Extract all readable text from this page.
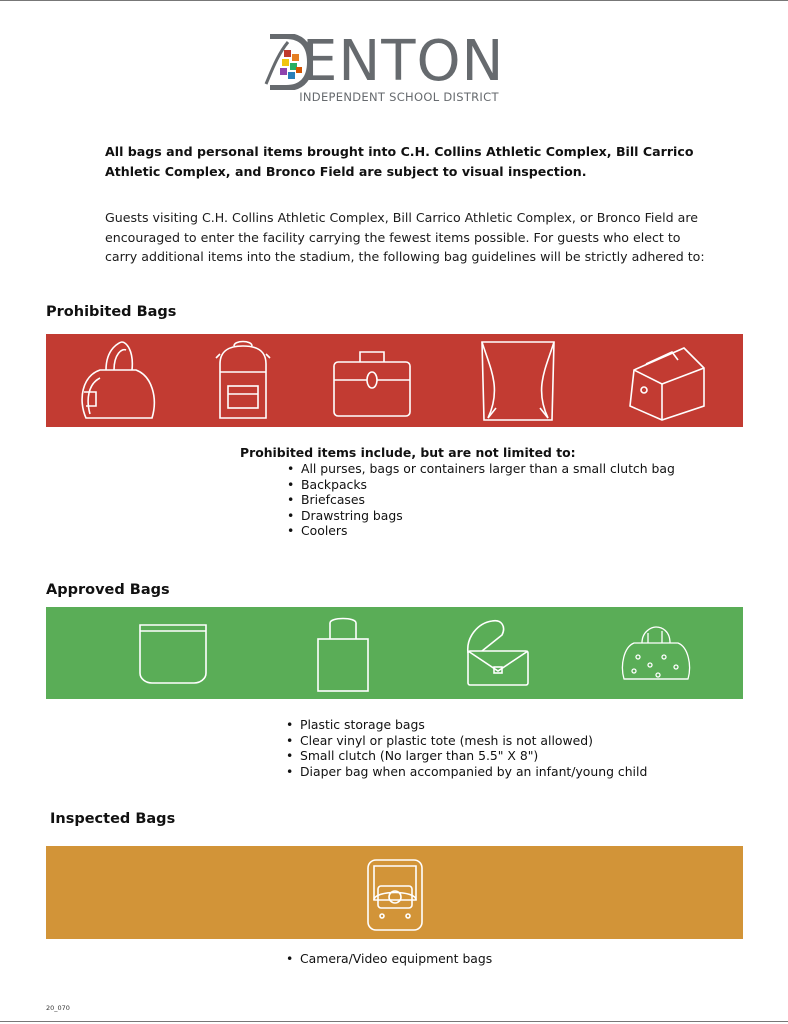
ENTON
INDEPENDENT SCHOOL DISTRICT
All bags and personal items brought into C.H. Collins Athletic Complex, Bill Carrico Athletic Complex, and Bronco Field are subject to visual inspection.
Guests visiting C.H. Collins Athletic Complex, Bill Carrico Athletic Complex, or Bronco Field are encouraged to enter the facility carrying the fewest items possible. For guests who elect to carry additional items into the stadium, the following bag guidelines will be strictly adhered to:
Prohibited Bags
Prohibited items include, but are not limited to:
• All purses, bags or containers larger than a small clutch bag
• Backpacks
• Briefcases
• Drawstring bags
• Coolers
Approved Bags
• Plastic storage bags
• Clear vinyl or plastic tote (mesh is not allowed)
• Small clutch (No larger than 5.5" X 8")
• Diaper bag when accompanied by an infant/young child
Inspected Bags
• Camera/Video equipment bags
20_070
